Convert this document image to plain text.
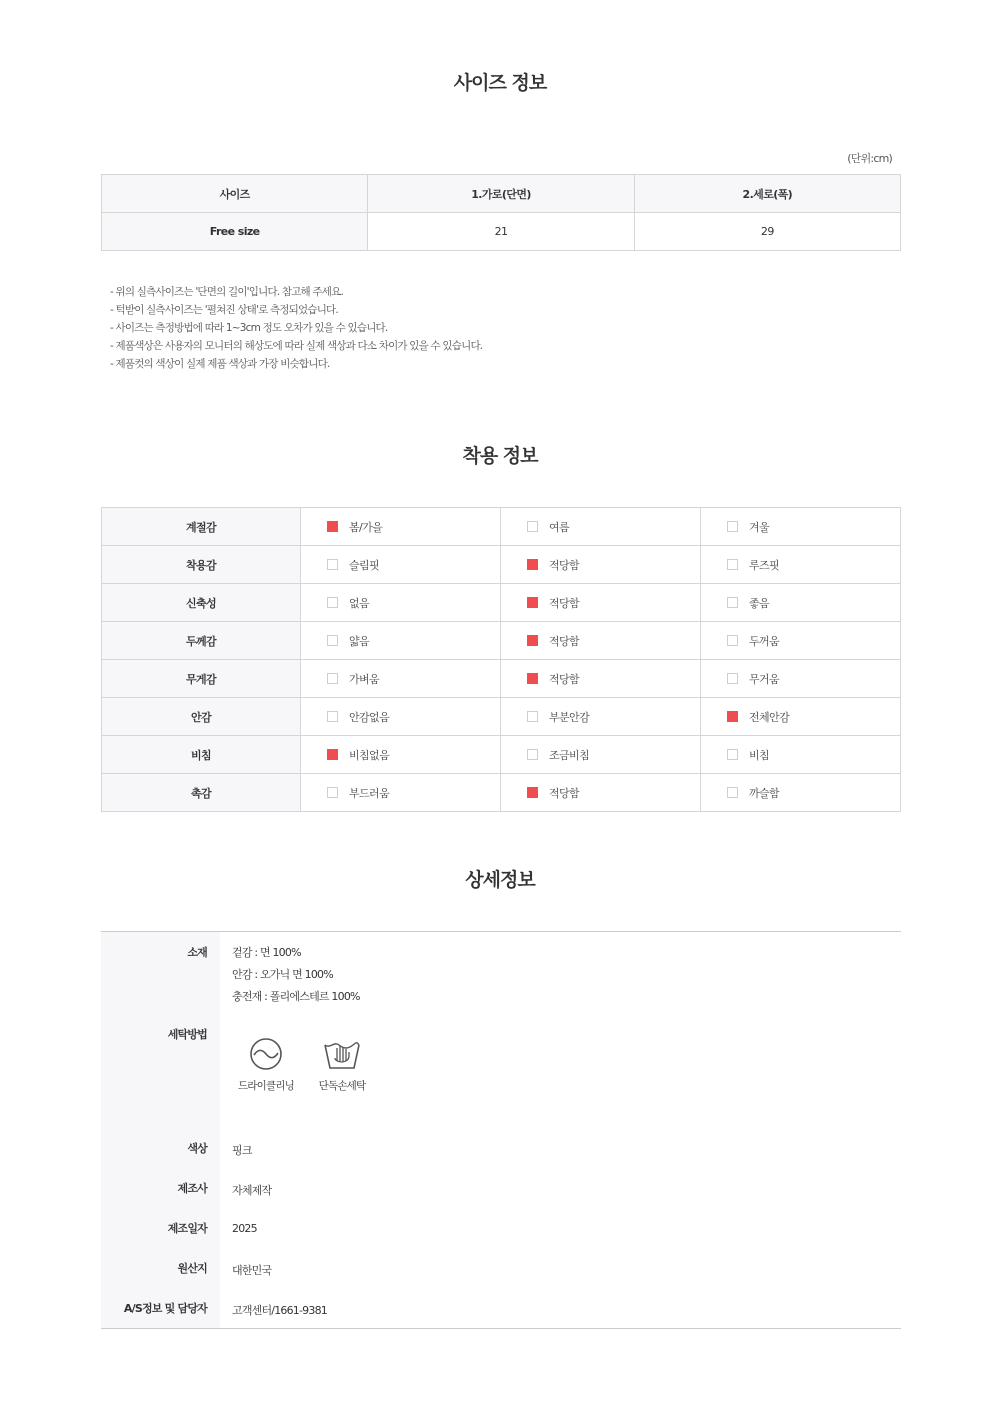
사이즈 정보
(단위:cm)
사이즈	1.가로(단면)	2.세로(폭)
Free size	21	29
- 위의 실측사이즈는 '단면의 길이'입니다. 참고해 주세요.
- 턱받이 실측사이즈는 '펼쳐진 상태'로 측정되었습니다.
- 사이즈는 측정방법에 따라 1~3cm 정도 오차가 있을 수 있습니다.
- 제품색상은 사용자의 모니터의 해상도에 따라 실제 색상과 다소 차이가 있을 수 있습니다.
- 제품컷의 색상이 실제 제품 색상과 가장 비슷합니다.
착용 정보
계절감	봄/가을	여름	겨울
착용감	슬림핏	적당함	루즈핏
신축성	없음	적당함	좋음
두께감	얇음	적당함	두꺼움
무게감	가벼움	적당함	무거움
안감	안감없음	부분안감	전체안감
비침	비침없음	조금비침	비침
촉감	부드러움	적당함	까슬함
상세정보
소재 겉감 : 면 100%
안감 : 오가닉 면 100%
충전재 : 폴리에스테르 100%
세탁방법
드라이클리닝	단독손세탁
색상 핑크
제조사 자체제작
제조일자 2025
원산지 대한민국
A/S정보 및 담당자 고객센터/1661-9381
